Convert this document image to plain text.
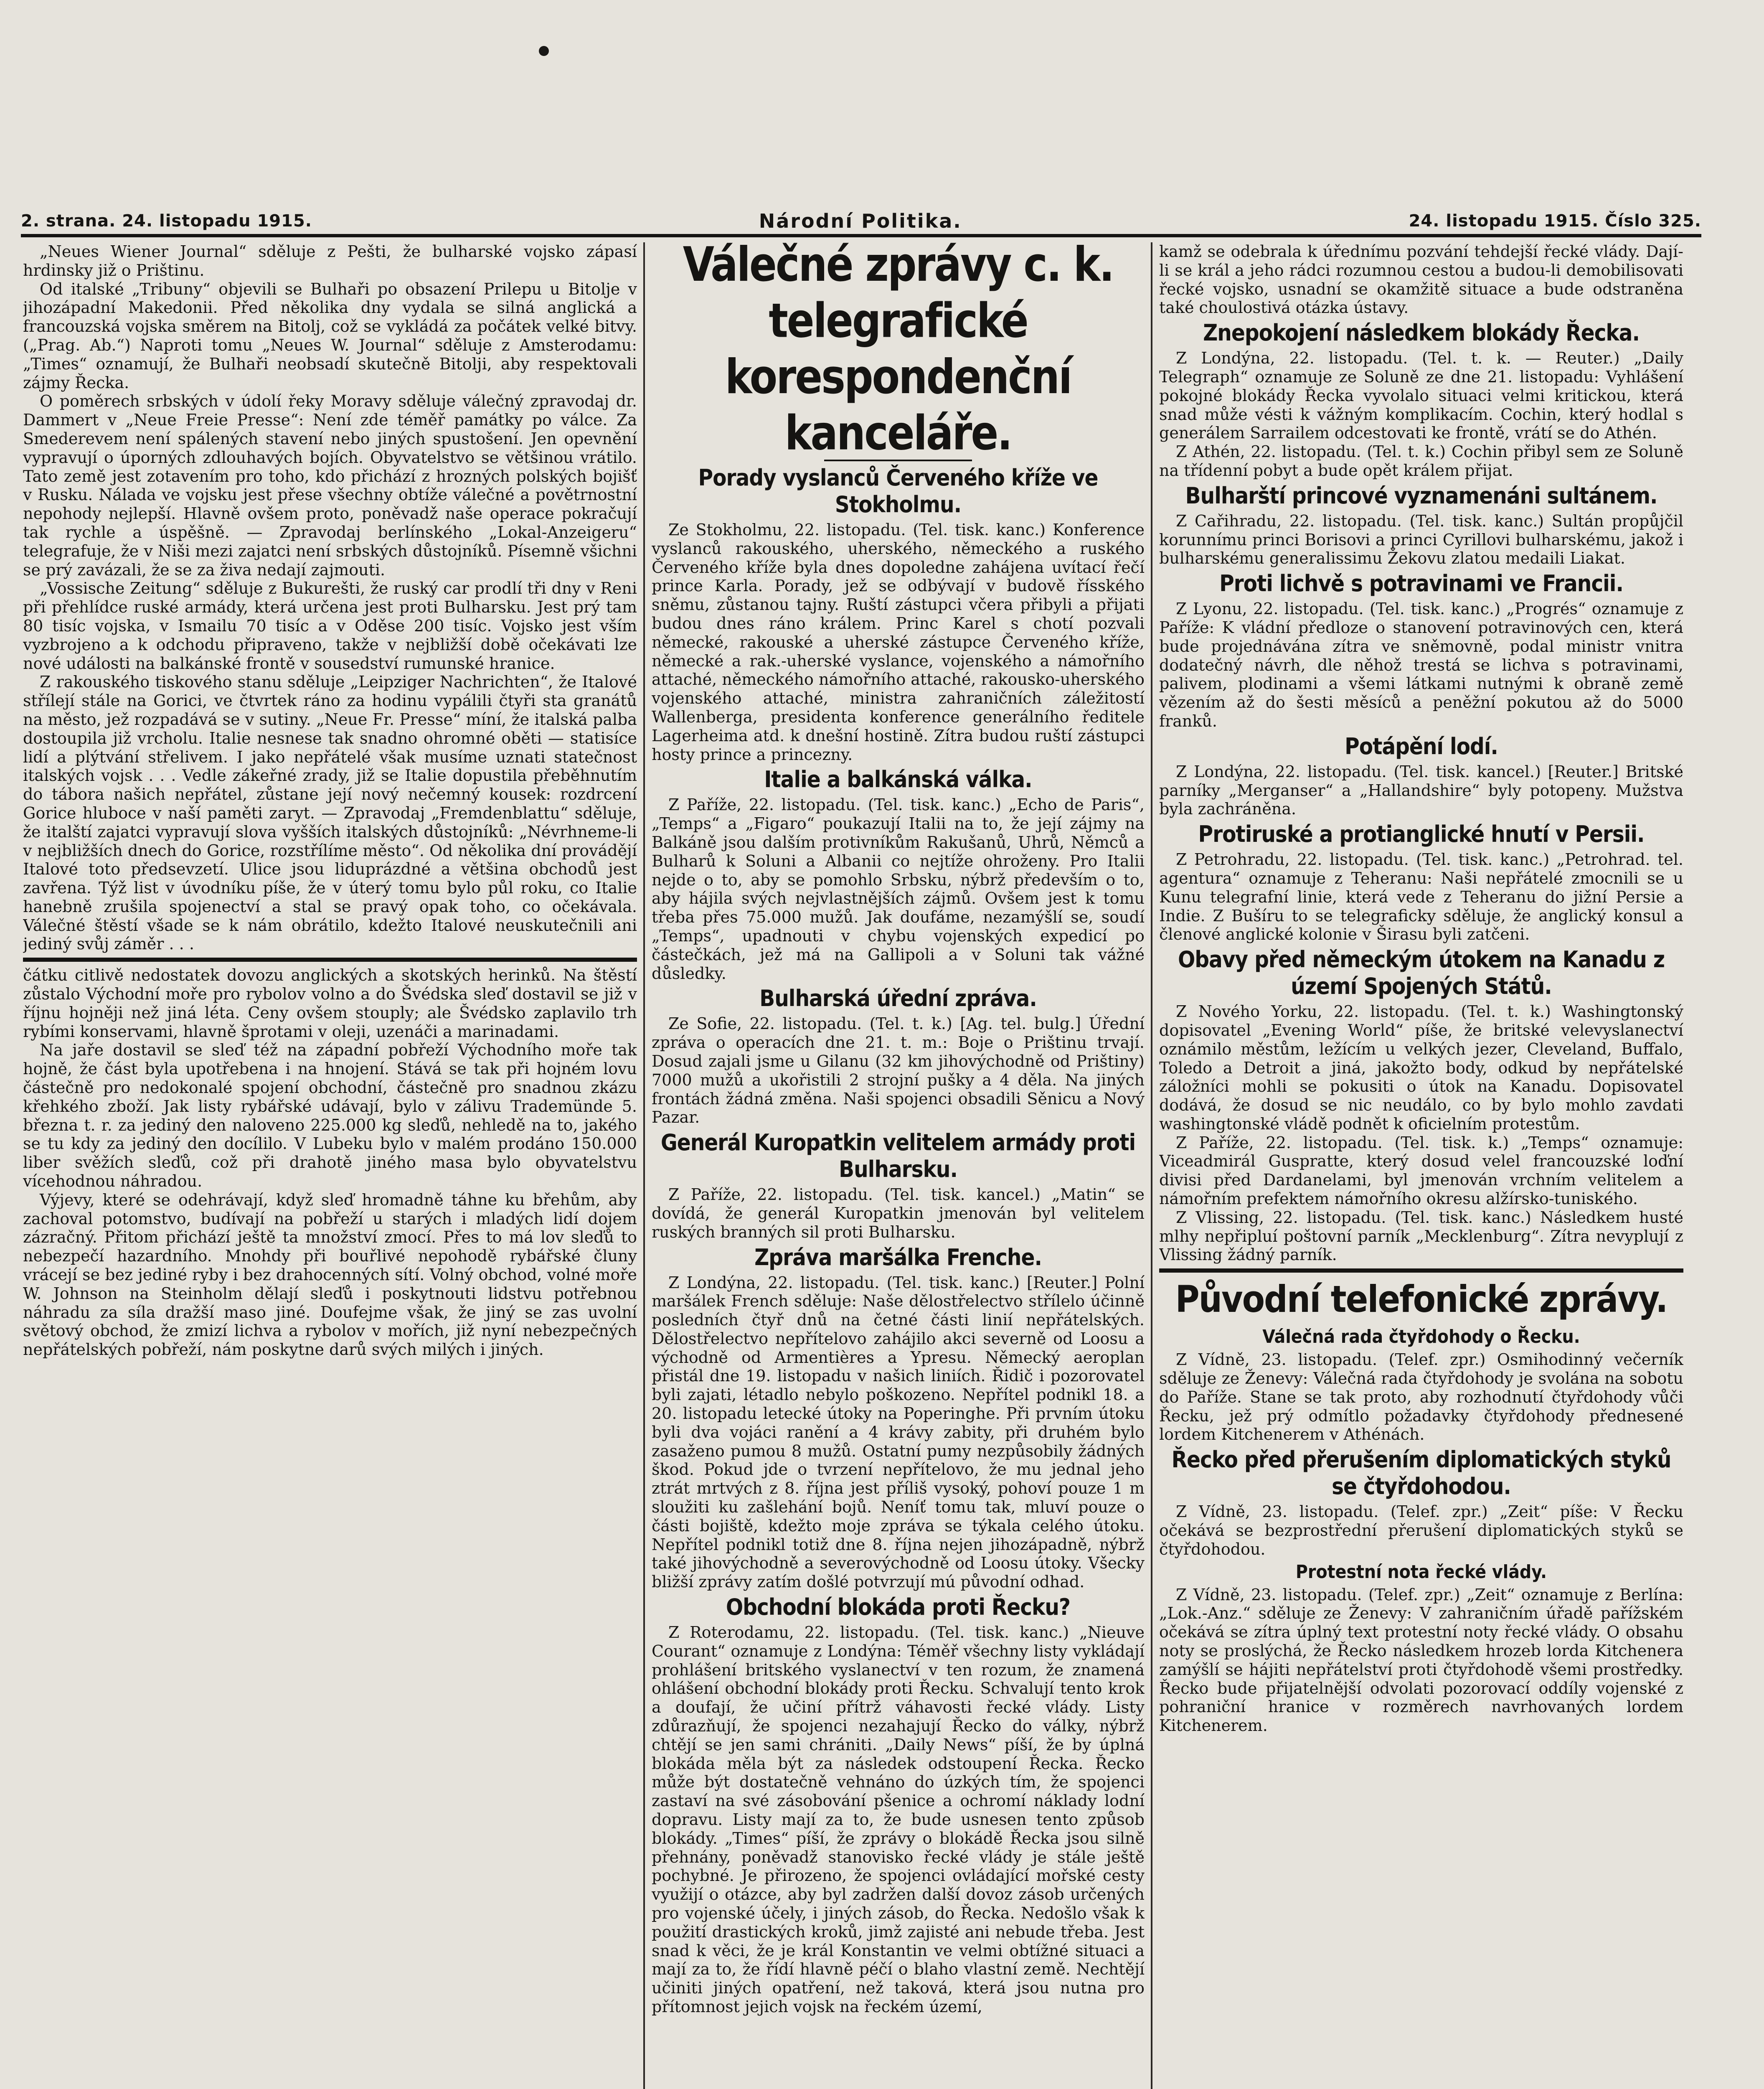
2. strana. 24. listopadu 1915.	Národní Politika.	24. listopadu 1915. Číslo 325.

„Neues Wiener Journal“ sděluje z Pešti, že bulharské vojsko zápasí hrdinsky již o Prištinu.

Od italské „Tribuny“ objevili se Bulhaři po obsazení Prilepu u Bitolje v jihozápadní Makedonii. Před několika dny vydala se silná anglická a francouzská vojska směrem na Bitolj, což se vykládá za počátek velké bitvy. („Prag. Ab.“) Naproti tomu „Neues W. Journal“ sděluje z Amsterodamu: „Times“ oznamují, že Bulhaři neobsadí skutečně Bitolji, aby respektovali zájmy Řecka.

O poměrech srbských v údolí řeky Moravy sděluje válečný zpravodaj dr. Dammert v „Neue Freie Presse“: Není zde téměř památky po válce. Za Smederevem není spálených stavení nebo jiných spustošení. Jen opevnění vypravují o úporných zdlouhavých bojích. Obyvatelstvo se většinou vrátilo. Tato země jest zotavením pro toho, kdo přichází z hrozných polských bojišť v Rusku. Nálada ve vojsku jest přese všechny obtíže válečné a povětrnostní nepohody nejlepší. Hlavně ovšem proto, poněvadž naše operace pokračují tak rychle a úspěšně. — Zpravodaj berlínského „Lokal-Anzeigeru“ telegrafuje, že v Niši mezi zajatci není srbských důstojníků. Písemně všichni se prý zavázali, že se za živa nedají zajmouti.

„Vossische Zeitung“ sděluje z Bukurešti, že ruský car prodlí tři dny v Reni při přehlídce ruské armády, která určena jest proti Bulharsku. Jest prý tam 80 tisíc vojska, v Ismailu 70 tisíc a v Oděse 200 tisíc. Vojsko jest vším vyzbrojeno a k odchodu připraveno, takže v nejbližší době očekávati lze nové události na balkánské frontě v sousedství rumunské hranice.

Z rakouského tiskového stanu sděluje „Leipziger Nachrichten“, že Italové střílejí stále na Gorici, ve čtvrtek ráno za hodinu vypálili čtyři sta granátů na město, jež rozpadává se v sutiny. „Neue Fr. Presse“ míní, že italská palba dostoupila již vrcholu. Italie nesnese tak snadno ohromné oběti — statisíce lidí a plýtvání střelivem. I jako nepřátelé však musíme uznati statečnost italských vojsk . . . Vedle zákeřné zrady, již se Italie dopustila přeběhnutím do tábora našich nepřátel, zůstane její nový nečemný kousek: rozdrcení Gorice hluboce v naší paměti zaryt. — Zpravodaj „Fremdenblattu“ sděluje, že italští zajatci vypravují slova vyšších italských důstojníků: „Névrhneme-li v nejbližších dnech do Gorice, rozstřílíme město“. Od několika dní provádějí Italové toto předsevzetí. Ulice jsou liduprázdné a většina obchodů jest zavřena. Týž list v úvodníku píše, že v úterý tomu bylo půl roku, co Italie hanebně zrušila spojenectví a stal se pravý opak toho, co očekávala. Válečné štěstí všade se k nám obrátilo, kdežto Italové neuskutečnili ani jediný svůj záměr . . .

čátku citlivě nedostatek dovozu anglických a skotských herinků. Na štěstí zůstalo Východní moře pro rybolov volno a do Švédska sleď dostavil se již v říjnu hojněji než jiná léta. Ceny ovšem stouply; ale Švédsko zaplavilo trh rybími konservami, hlavně šprotami v oleji, uzenáči a marinadami.

Na jaře dostavil se sleď též na západní pobřeží Východního moře tak hojně, že část byla upotřebena i na hnojení. Stává se tak při hojném lovu částečně pro nedokonalé spojení obchodní, částečně pro snadnou zkázu křehkého zboží. Jak listy rybářské udávají, bylo v zálivu Trademünde 5. března t. r. za jediný den naloveno 225.000 kg sleďů, nehledě na to, jakého se tu kdy za jediný den docílilo. V Lubeku bylo v malém prodáno 150.000 liber svěžích sleďů, což při drahotě jiného masa bylo obyvatelstvu vícehodnou náhradou.

Výjevy, které se odehrávají, když sleď hromadně táhne ku břehům, aby zachoval potomstvo, budívají na pobřeží u starých i mladých lidí dojem zázračný. Přitom přichází ještě ta množství zmocí. Přes to má lov sleďů to nebezpečí hazardního. Mnohdy při bouřlivé nepohodě rybářské čluny vrácejí se bez jediné ryby i bez drahocenných sítí. Volný obchod, volné moře W. Johnson na Steinholm dělají sleďů i poskytnouti lidstvu potřebnou náhradu za síla dražší maso jiné. Doufejme však, že jiný se zas uvolní světový obchod, že zmizí lichva a rybolov v mořích, již nyní nebezpečných nepřátelských pobřeží, nám poskytne darů svých milých i jiných.

Válečné zprávy c. k. telegrafické korespondenční kanceláře.
Porady vyslanců Červeného kříže ve Stokholmu.

Ze Stokholmu, 22. listopadu. (Tel. tisk. kanc.) Konference vyslanců rakouského, uherského, německého a ruského Červeného kříže byla dnes dopoledne zahájena uvítací řečí prince Karla. Porady, jež se odbývají v budově řísského sněmu, zůstanou tajny. Ruští zástupci včera přibyli a přijati budou dnes ráno králem. Princ Karel s chotí pozvali německé, rakouské a uherské zástupce Červeného kříže, německé a rak.-uherské vyslance, vojenského a námořního attaché, německého námořního attaché, rakousko-uherského vojenského attaché, ministra zahraničních záležitostí Wallenberga, presidenta konference generálního ředitele Lagerheima atd. k dnešní hostině. Zítra budou ruští zástupci hosty prince a princezny.

Italie a balkánská válka.

Z Paříže, 22. listopadu. (Tel. tisk. kanc.) „Echo de Paris“, „Temps“ a „Figaro“ poukazují Italii na to, že její zájmy na Balkáně jsou dalším protivníkům Rakušanů, Uhrů, Němců a Bulharů k Soluni a Albanii co nejtíže ohroženy. Pro Italii nejde o to, aby se pomohlo Srbsku, nýbrž především o to, aby hájila svých nejvlastnějších zájmů. Ovšem jest k tomu třeba přes 75.000 mužů. Jak doufáme, nezamýšlí se, soudí „Temps“, upadnouti v chybu vojenských expedicí po částečkách, jež má na Gallipoli a v Soluni tak vážné důsledky.

Bulharská úřední zpráva.

Ze Sofie, 22. listopadu. (Tel. t. k.) [Ag. tel. bulg.] Úřední zpráva o operacích dne 21. t. m.: Boje o Prištinu trvají. Dosud zajali jsme u Gilanu (32 km jihovýchodně od Prištiny) 7000 mužů a ukořistili 2 strojní pušky a 4 děla. Na jiných frontách žádná změna. Naši spojenci obsadili Sěnicu a Nový Pazar.

Generál Kuropatkin velitelem armády proti Bulharsku.

Z Paříže, 22. listopadu. (Tel. tisk. kancel.) „Matin“ se dovídá, že generál Kuropatkin jmenován byl velitelem ruských branných sil proti Bulharsku.

Zpráva maršálka Frenche.

Z Londýna, 22. listopadu. (Tel. tisk. kanc.) [Reuter.] Polní maršálek French sděluje: Naše dělostřelectvo střílelo účinně posledních čtyř dnů na četné části linií nepřátelských. Dělostřelectvo nepřítelovo zahájilo akci severně od Loosu a východně od Armentières a Ypresu. Německý aeroplan přistál dne 19. listopadu v našich liniích. Řidič i pozorovatel byli zajati, létadlo nebylo poškozeno. Nepřítel podnikl 18. a 20. listopadu letecké útoky na Poperinghe. Při prvním útoku byli dva vojáci ranění a 4 krávy zabity, při druhém bylo zasaženo pumou 8 mužů. Ostatní pumy nezpůsobily žádných škod. Pokud jde o tvrzení nepřítelovo, že mu jednal jeho ztrát mrtvých z 8. října jest příliš vysoký, pohoví pouze 1 m sloužiti ku zašlehání bojů. Neníť tomu tak, mluví pouze o části bojiště, kdežto moje zpráva se týkala celého útoku. Nepřítel podnikl totiž dne 8. října nejen jihozápadně, nýbrž také jihovýchodně a severovýchodně od Loosu útoky. Všecky bližší zprávy zatím došlé potvrzují mú původní odhad.

Obchodní blokáda proti Řecku?

Z Roterodamu, 22. listopadu. (Tel. tisk. kanc.) „Nieuve Courant“ oznamuje z Londýna: Téměř všechny listy vykládají prohlášení britského vyslanectví v ten rozum, že znamená ohlášení obchodní blokády proti Řecku. Schvalují tento krok a doufají, že učiní přítrž váhavosti řecké vlády. Listy zdůrazňují, že spojenci nezahajují Řecko do války, nýbrž chtějí se jen sami chrániti. „Daily News“ píší, že by úplná blokáda měla být za následek odstoupení Řecka. Řecko může být dostatečně vehnáno do úzkých tím, že spojenci zastaví na své zásobování pšenice a ochromí náklady lodní dopravu. Listy mají za to, že bude usnesen tento způsob blokády. „Times“ píší, že zprávy o blokádě Řecka jsou silně přehnány, poněvadž stanovisko řecké vlády je stále ještě pochybné. Je přirozeno, že spojenci ovládající mořské cesty využijí o otázce, aby byl zadržen další dovoz zásob určených pro vojenské účely, i jiných zásob, do Řecka. Nedošlo však k použití drastických kroků, jimž zajisté ani nebude třeba. Jest snad k věci, že je král Konstantin ve velmi obtížné situaci a mají za to, že řídí hlavně péčí o blaho vlastní země. Nechtějí učiniti jiných opatření, než taková, která jsou nutna pro přítomnost jejich vojsk na řeckém území,

kamž se odebrala k úřednímu pozvání tehdejší řecké vlády. Dají-li se král a jeho rádci rozumnou cestou a budou-li demobilisovati řecké vojsko, usnadní se okamžitě situace a bude odstraněna také choulostivá otázka ústavy.

Znepokojení následkem blokády Řecka.

Z Londýna, 22. listopadu. (Tel. t. k. — Reuter.) „Daily Telegraph“ oznamuje ze Soluně ze dne 21. listopadu: Vyhlášení pokojné blokády Řecka vyvolalo situaci velmi kritickou, která snad může vésti k vážným komplikacím. Cochin, který hodlal s generálem Sarrailem odcestovati ke frontě, vrátí se do Athén.

Z Athén, 22. listopadu. (Tel. t. k.) Cochin přibyl sem ze Soluně na třídenní pobyt a bude opět králem přijat.

Bulharští princové vyznamenáni sultánem.

Z Cařihradu, 22. listopadu. (Tel. tisk. kanc.) Sultán propůjčil korunnímu princi Borisovi a princi Cyrillovi bulharskému, jakož i bulharskému generalissimu Žekovu zlatou medaili Liakat.

Proti lichvě s potravinami ve Francii.

Z Lyonu, 22. listopadu. (Tel. tisk. kanc.) „Progrés“ oznamuje z Paříže: K vládní předloze o stanovení potravinových cen, která bude projednávána zítra ve sněmovně, podal ministr vnitra dodatečný návrh, dle něhož trestá se lichva s potravinami, palivem, plodinami a všemi látkami nutnými k obraně země vězením až do šesti měsíců a peněžní pokutou až do 5000 franků.

Potápění lodí.

Z Londýna, 22. listopadu. (Tel. tisk. kancel.) [Reuter.] Britské parníky „Merganser“ a „Hallandshire“ byly potopeny. Mužstva byla zachráněna.

Protiruské a protianglické hnutí v Persii.

Z Petrohradu, 22. listopadu. (Tel. tisk. kanc.) „Petrohrad. tel. agentura“ oznamuje z Teheranu: Naši nepřátelé zmocnili se u Kunu telegrafní linie, která vede z Teheranu do jižní Persie a Indie. Z Bušíru to se telegraficky sděluje, že anglický konsul a členové anglické kolonie v Širasu byli zatčeni.

Obavy před německým útokem na Kanadu z území Spojených Států.

Z Nového Yorku, 22. listopadu. (Tel. t. k.) Washingtonský dopisovatel „Evening World“ píše, že britské velevyslanectví oznámilo městům, ležícím u velkých jezer, Cleveland, Buffalo, Toledo a Detroit a jiná, jakožto body, odkud by nepřátelské záložníci mohli se pokusiti o útok na Kanadu. Dopisovatel dodává, že dosud se nic neudálo, co by bylo mohlo zavdati washingtonské vládě podnět k oficielním protestům.

Z Paříže, 22. listopadu. (Tel. tisk. k.) „Temps“ oznamuje: Viceadmirál Guspratte, který dosud velel francouzské loďní divisi před Dardanelami, byl jmenován vrchním velitelem a námořním prefektem námořního okresu alžírsko-tuniského.

Z Vlissing, 22. listopadu. (Tel. tisk. kanc.) Následkem husté mlhy nepřipluí poštovní parník „Mecklenburg“. Zítra nevyplují z Vlissing žádný parník.

Původní telefonické zprávy.
Válečná rada čtyřdohody o Řecku.

Z Vídně, 23. listopadu. (Telef. zpr.) Osmihodinný večerník sděluje ze Ženevy: Válečná rada čtyřdohody je svolána na sobotu do Paříže. Stane se tak proto, aby rozhodnutí čtyřdohody vůči Řecku, jež prý odmítlo požadavky čtyřdohody přednesené lordem Kitchenerem v Athénách.

Řecko před přerušením diplomatických styků se čtyřdohodou.

Z Vídně, 23. listopadu. (Telef. zpr.) „Zeit“ píše: V Řecku očekává se bezprostřední přerušení diplomatických styků se čtyřdohodou.

Protestní nota řecké vlády.

Z Vídně, 23. listopadu. (Telef. zpr.) „Zeit“ oznamuje z Berlína: „Lok.-Anz.“ sděluje ze Ženevy: V zahraničním úřadě pařížském očekává se zítra úplný text protestní noty řecké vlády. O obsahu noty se proslýchá, že Řecko následkem hrozeb lorda Kitchenera zamýšlí se hájiti nepřátelství proti čtyřdohodě všemi prostředky. Řecko bude přijatelnější odvolati pozorovací oddíly vojenské z pohraniční hranice v rozměrech navrhovaných lordem Kitchenerem.
